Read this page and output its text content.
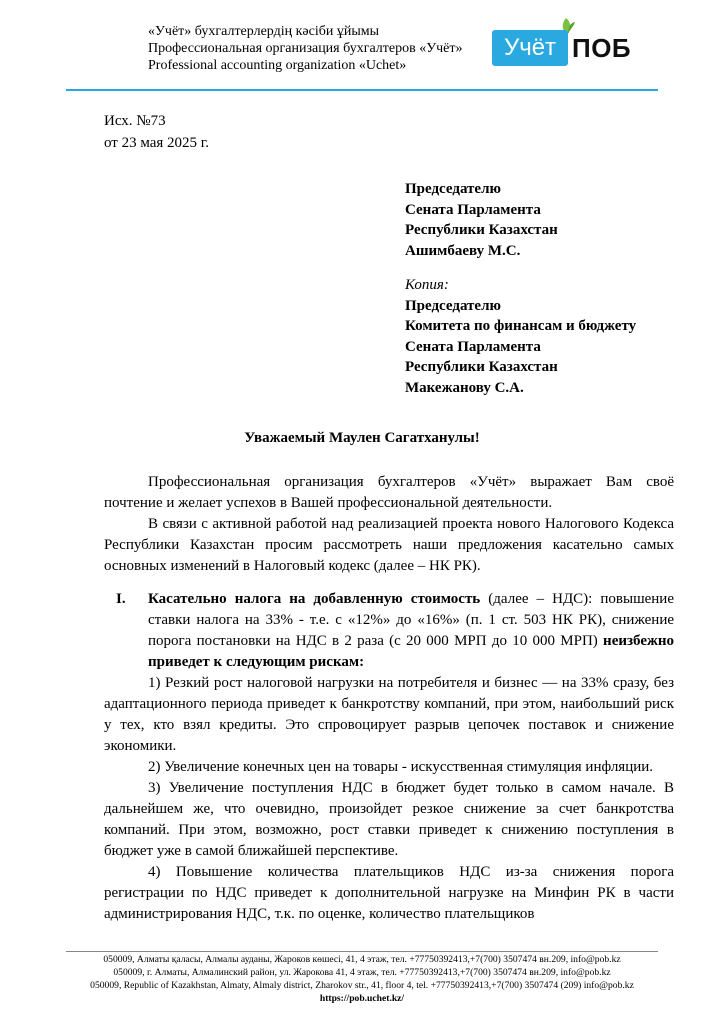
«Учёт» бухгалтерлердің кәсіби ұйымы
Профессиональная организация бухгалтеров «Учёт»
Professional accounting organization «Uchet»
Учёт ПОБ
Исх. №73
от 23 мая 2025 г.
Председателю
Сената Парламента
Республики Казахстан
Ашимбаеву М.С.
Копия:
Председателю
Комитета по финансам и бюджету
Сената Парламента
Республики Казахстан
Макежанову С.А.
Уважаемый Маулен Сагатханулы!

Профессиональная организация бухгалтеров «Учёт» выражает Вам своё почтение и желает успехов в Вашей профессиональной деятельности.

В связи с активной работой над реализацией проекта нового Налогового Кодекса Республики Казахстан просим рассмотреть наши предложения касательно самых основных изменений в Налоговый кодекс (далее – НК РК).

I. Касательно налога на добавленную стоимость (далее – НДС): повышение ставки налога на 33% - т.е. с «12%» до «16%» (п. 1 ст. 503 НК РК), снижение порога постановки на НДС в 2 раза (с 20 000 МРП до 10 000 МРП) неизбежно приведет к следующим рискам:

1) Резкий рост налоговой нагрузки на потребителя и бизнес — на 33% сразу, без адаптационного периода приведет к банкротству компаний, при этом, наибольший риск у тех, кто взял кредиты. Это спровоцирует разрыв цепочек поставок и снижение экономики.

2) Увеличение конечных цен на товары - искусственная стимуляция инфляции.

3) Увеличение поступления НДС в бюджет будет только в самом начале. В дальнейшем же, что очевидно, произойдет резкое снижение за счет банкротства компаний. При этом, возможно, рост ставки приведет к снижению поступления в бюджет уже в самой ближайшей перспективе.

4) Повышение количества плательщиков НДС из-за снижения порога регистрации по НДС приведет к дополнительной нагрузке на Минфин РК в части администрирования НДС, т.к. по оценке, количество плательщиков

050009, Алматы қаласы, Алмалы ауданы, Жароков көшесі, 41, 4 этаж, тел. +77750392413,+7(700) 3507474 вн.209, info@pob.kz
050009, г. Алматы, Алмалинский район, ул. Жарокова 41, 4 этаж, тел. +77750392413,+7(700) 3507474 вн.209, info@pob.kz
050009, Republic of Kazakhstan, Almaty, Almaly district, Zharokov str., 41, floor 4, tel. +77750392413,+7(700) 3507474 (209) info@pob.kz
https://pob.uchet.kz/
